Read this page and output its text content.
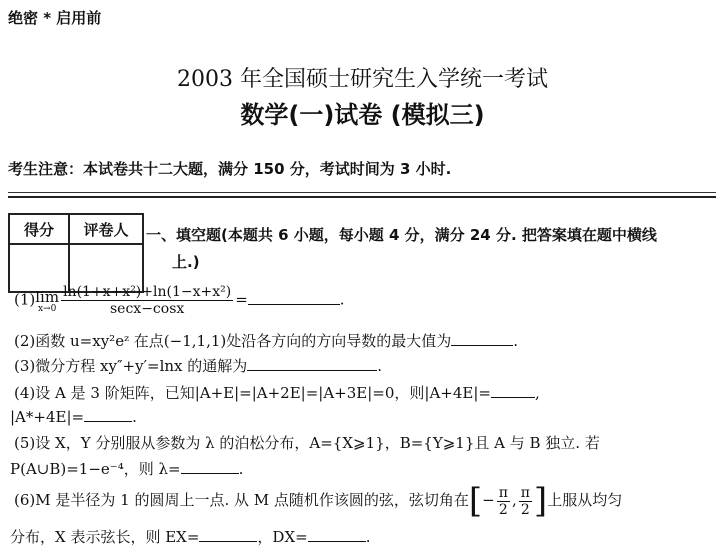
绝密 * 启用前
2003 年全国硕士研究生入学统一考试
数学(一)试卷 (模拟三)
考生注意：本试卷共十二大题，满分 150 分，考试时间为 3 小时.
得分	评卷人
	一、填空题(本题共 6 小题，每小题 4 分，满分 24 分. 把答案填在题中横线
上.)
(1) lim
$x\to 0 \frac{\text{ln(1+x+x²)+ln(1−x+x²)}}{\sec x-\cos x}$ =	.
(2)函数 u=xy²eᶻ 在点(−1,1,1)处沿各方向的方向导数的最大值为	.
(3)微分方程 xy″+y′=lnx 的通解为	.
(4)设 A 是 3 阶矩阵，已知|A+E|=|A+2E|=|A+3E|=0，则|A+4E|=	,
|A*+4E|=	.
(5)设 X，Y 分别服从参数为 λ 的泊松分布，A={X⩾1}，B={Y⩾1}且 A 与 B 独立. 若
P(A∪B)=1−e⁻⁴，则 λ=	.
(6)M 是半径为 1 的圆周上一点. 从 M 点随机作该圆的弦，弦切角在[− $\frac{\pi}{2}$ , $\frac{\pi}{2}$ ]上服从均匀
分布，X 表示弦长，则 EX=	，DX=	.
